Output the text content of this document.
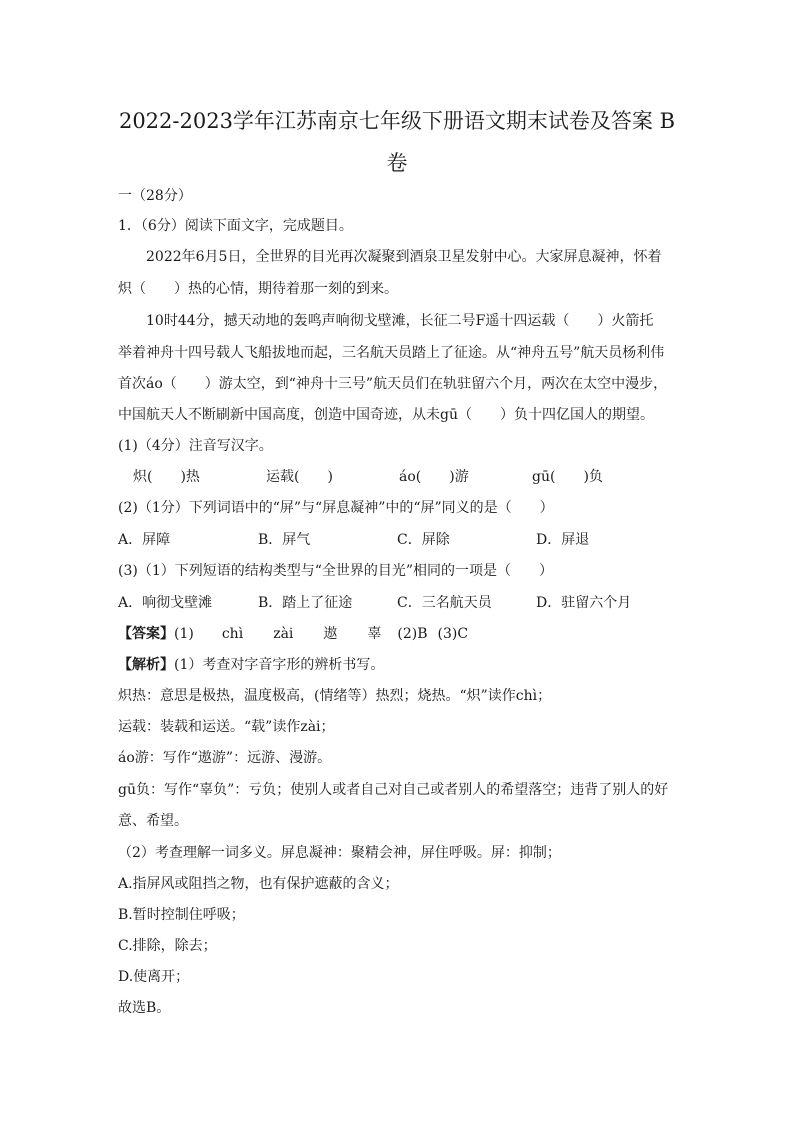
2022-2023学年江苏南京七年级下册语文期末试卷及答案 B
卷
一（28分）
1．（6分）阅读下面文字，完成题目。
2022年6月5日，全世界的目光再次凝聚到酒泉卫星发射中心。大家屏息凝神，怀着
炽（　　）热的心情，期待着那一刻的到来。
10时44分，撼天动地的轰鸣声响彻戈壁滩，长征二号F遥十四运载（　　）火箭托
举着神舟十四号载人飞船拔地而起，三名航天员踏上了征途。从“神舟五号”航天员杨利伟
首次áo（　　）游太空，到“神舟十三号”航天员们在轨驻留六个月，两次在太空中漫步，
中国航天人不断刷新中国高度，创造中国奇迹，从未gū（　　）负十四亿国人的期望。
(1)（4分）注音写汉字。
炽(　　)热	运载(　　)	áo(　　)游	gū(　　)负
(2)（1分）下列词语中的“屏”与“屏息凝神”中的“屏”同义的是（　　）
A．屏障	B．屏气	C．屏除	D．屏退
(3)（1）下列短语的结构类型与“全世界的目光”相同的一项是（　　）
A．响彻戈壁滩	B．踏上了征途	C．三名航天员	D．驻留六个月
【答案】(1) chì zài 遨 辜 (2)B (3)C
【解析】(1）考查对字音字形的辨析书写。
炽热：意思是极热，温度极高，(情绪等）热烈；烧热。“炽”读作chì；
运载：装载和运送。“载”读作zài；
áo游：写作“遨游”：远游、漫游。
gū负：写作“辜负”：亏负；使别人或者自己对自己或者别人的希望落空；违背了别人的好
意、希望。
（2）考查理解一词多义。屏息凝神：聚精会神，屏住呼吸。屏：抑制；
A.指屏风或阻挡之物，也有保护遮蔽的含义；
B.暂时控制住呼吸；
C.排除，除去；
D.使离开；
故选B。
